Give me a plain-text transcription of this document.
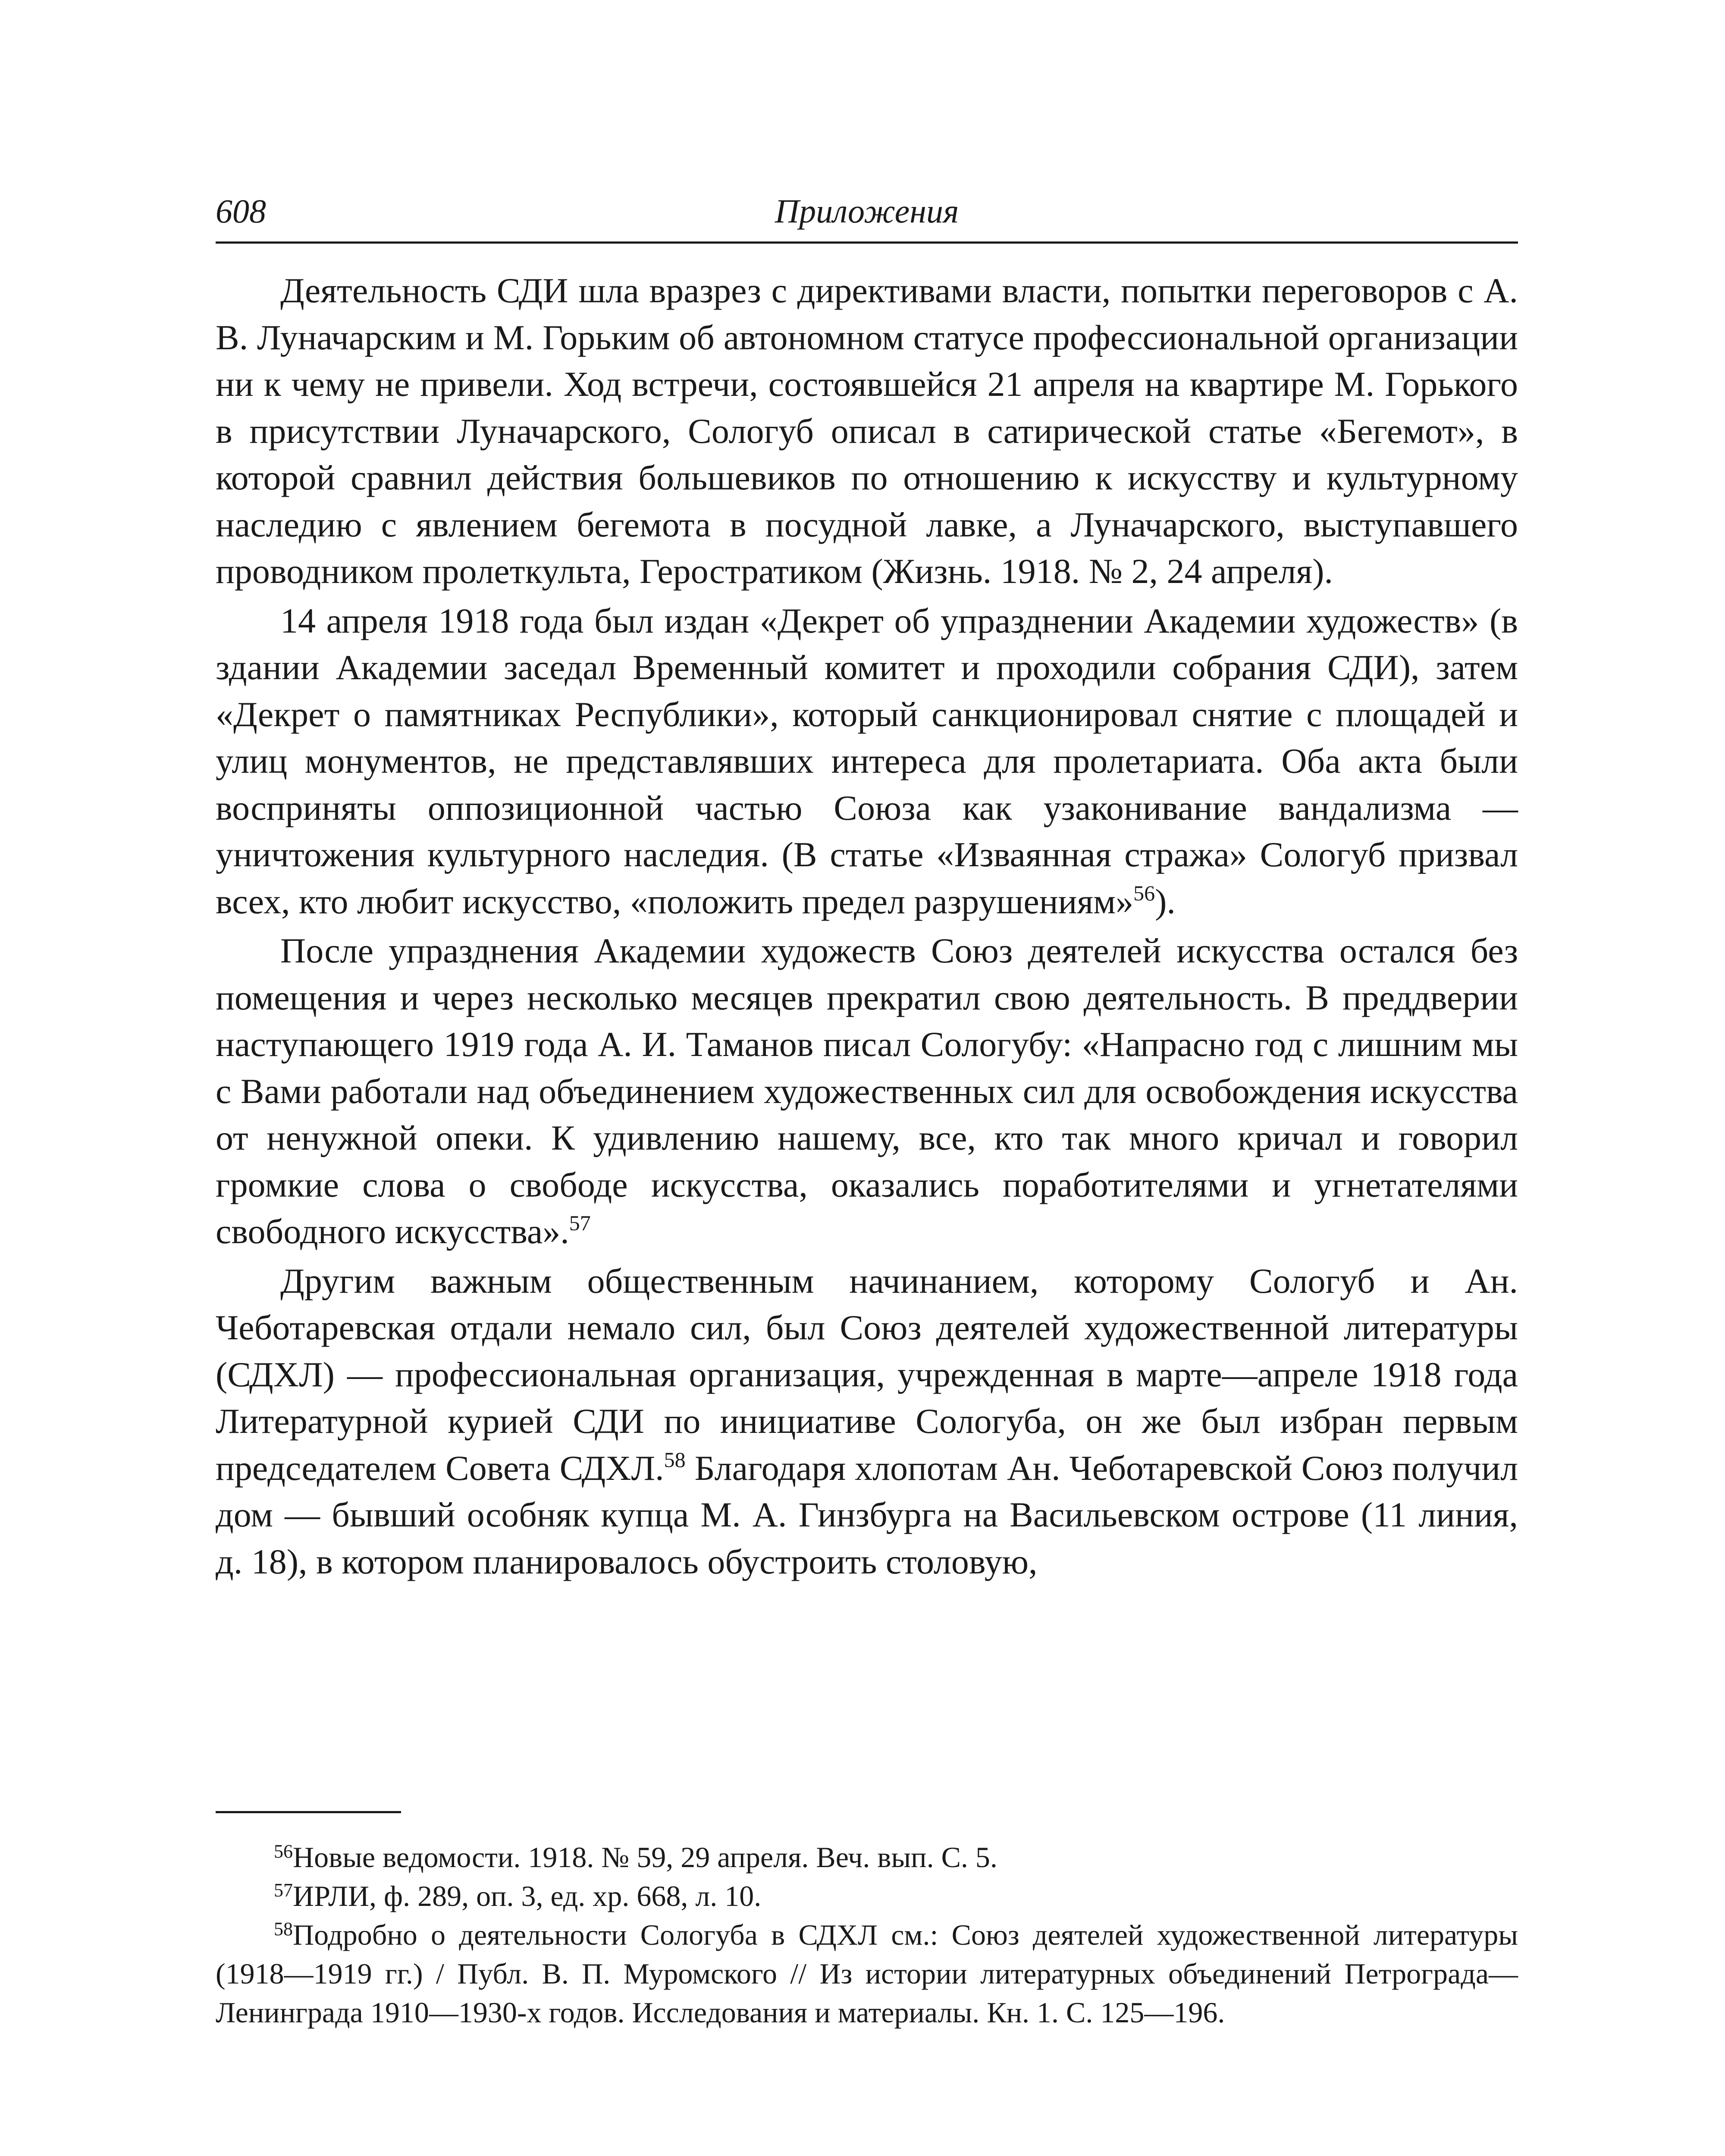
608	Приложения

Деятельность СДИ шла вразрез с директивами власти, попытки переговоров с А. В. Луначарским и М. Горьким об автономном статусе профессиональной организации ни к чему не привели. Ход встречи, состоявшейся 21 апреля на квартире М. Горького в присутствии Луначарского, Сологуб описал в сатирической статье «Бегемот», в которой сравнил действия большевиков по отношению к искусству и культурному наследию с явлением бегемота в посудной лавке, а Луначарского, выступавшего проводником пролеткульта, Геростратиком (Жизнь. 1918. № 2, 24 апреля).

14 апреля 1918 года был издан «Декрет об упразднении Академии художеств» (в здании Академии заседал Временный комитет и проходили собрания СДИ), затем «Декрет о памятниках Республики», который санкционировал снятие с площадей и улиц монументов, не представлявших интереса для пролетариата. Оба акта были восприняты оппозиционной частью Союза как узаконивание вандализма — уничтожения культурного наследия. (В статье «Изваянная стража» Сологуб призвал всех, кто любит искусство, «положить предел разрушениям»$^{56}$).

После упразднения Академии художеств Союз деятелей искусства остался без помещения и через несколько месяцев прекратил свою деятельность. В преддверии наступающего 1919 года А. И. Таманов писал Сологубу: «Напрасно год с лишним мы с Вами работали над объединением художественных сил для освобождения искусства от ненужной опеки. К удивлению нашему, все, кто так много кричал и говорил громкие слова о свободе искусства, оказались поработителями и угнетателями свободного искусства».$^{57}$

Другим важным общественным начинанием, которому Сологуб и Ан. Чеботаревская отдали немало сил, был Союз деятелей художественной литературы (СДХЛ) — профессиональная организация, учрежденная в марте—апреле 1918 года Литературной курией СДИ по инициативе Сологуба, он же был избран первым председателем Совета СДХЛ.$^{58}$ Благодаря хлопотам Ан. Чеботаревской Союз получил дом — бывший особняк купца М. А. Гинзбурга на Васильевском острове (11 линия, д. 18), в котором планировалось обустроить столовую,

$^{56}$Новые ведомости. 1918. № 59, 29 апреля. Веч. вып. С. 5.

$^{57}$ИРЛИ, ф. 289, оп. 3, ед. хр. 668, л. 10.

$^{58}$Подробно о деятельности Сологуба в СДХЛ см.: Союз деятелей художественной литературы (1918—1919 гг.) / Публ. В. П. Муромского // Из истории литературных объединений Петрограда—Ленинграда 1910—1930-х годов. Исследования и материалы. Кн. 1. С. 125—196.
